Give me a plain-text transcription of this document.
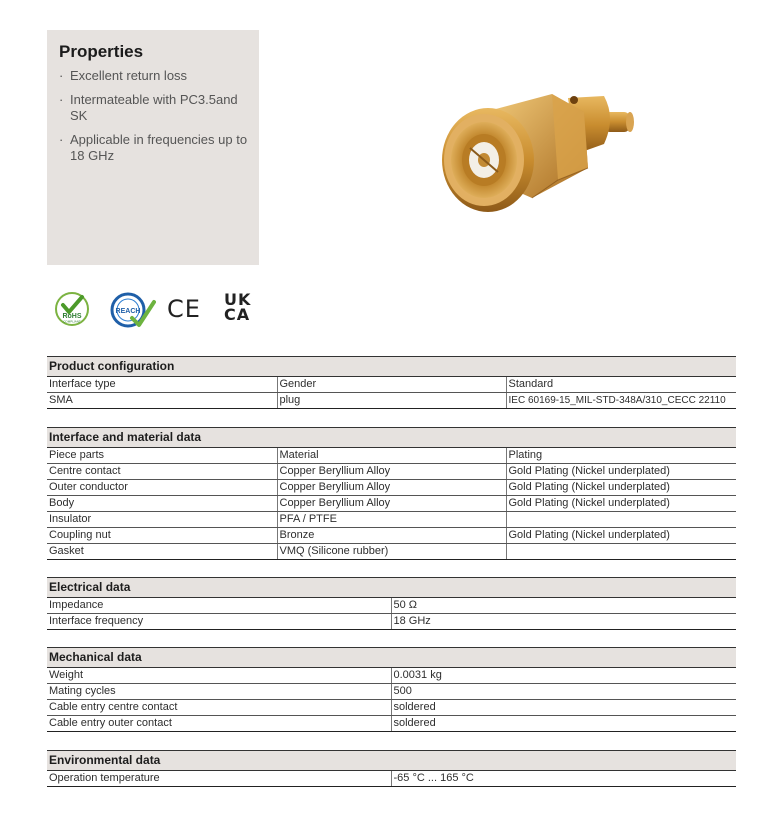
Properties
· Excellent return loss
· Intermateable with PC3.5and SK
· Applicable in frequencies up to 18 GHz
RoHS
COMPLIANT
REACH CE UK
CA
Product configuration		
Interface type	Gender	Standard
SMA	plug	IEC 60169-15_MIL-STD-348A/310_CECC 22110
Interface and material data		
Piece parts	Material	Plating
Centre contact	Copper Beryllium Alloy	Gold Plating (Nickel underplated)
Outer conductor	Copper Beryllium Alloy	Gold Plating (Nickel underplated)
Body	Copper Beryllium Alloy	Gold Plating (Nickel underplated)
Insulator	PFA / PTFE	
Coupling nut	Bronze	Gold Plating (Nickel underplated)
Gasket	VMQ (Silicone rubber)	
Electrical data	
Impedance	50 Ω
Interface frequency	18 GHz
Mechanical data	
Weight	0.0031 kg
Mating cycles	500
Cable entry centre contact	soldered
Cable entry outer contact	soldered
Environmental data
Operation temperature	-65 °C ... 165 °C
